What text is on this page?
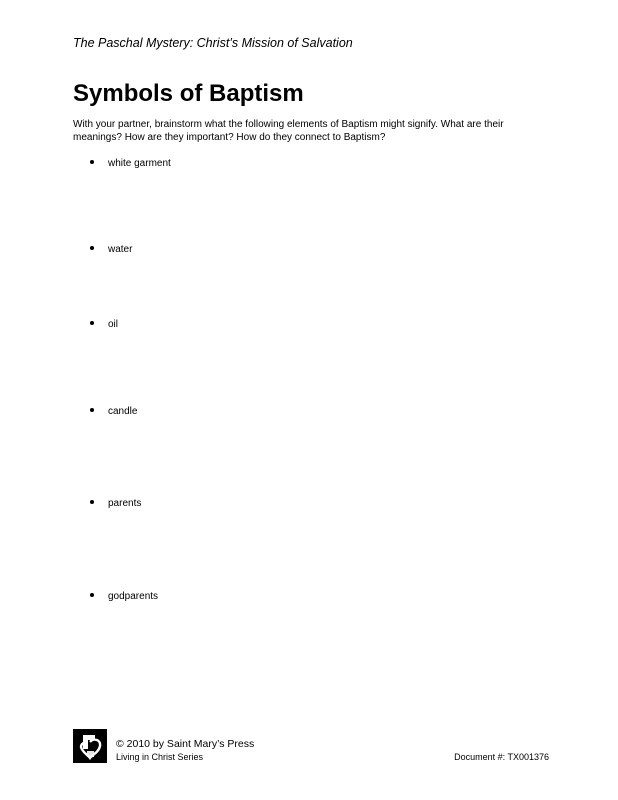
The Paschal Mystery: Christ’s Mission of Salvation
Symbols of Baptism

With your partner, brainstorm what the following elements of Baptism might signify. What are their meanings? How are they important? How do they connect to Baptism?

white garment
water
oil
candle
parents
godparents
© 2010 by Saint Mary’s Press
Living in Christ Series	Document #: TX001376
